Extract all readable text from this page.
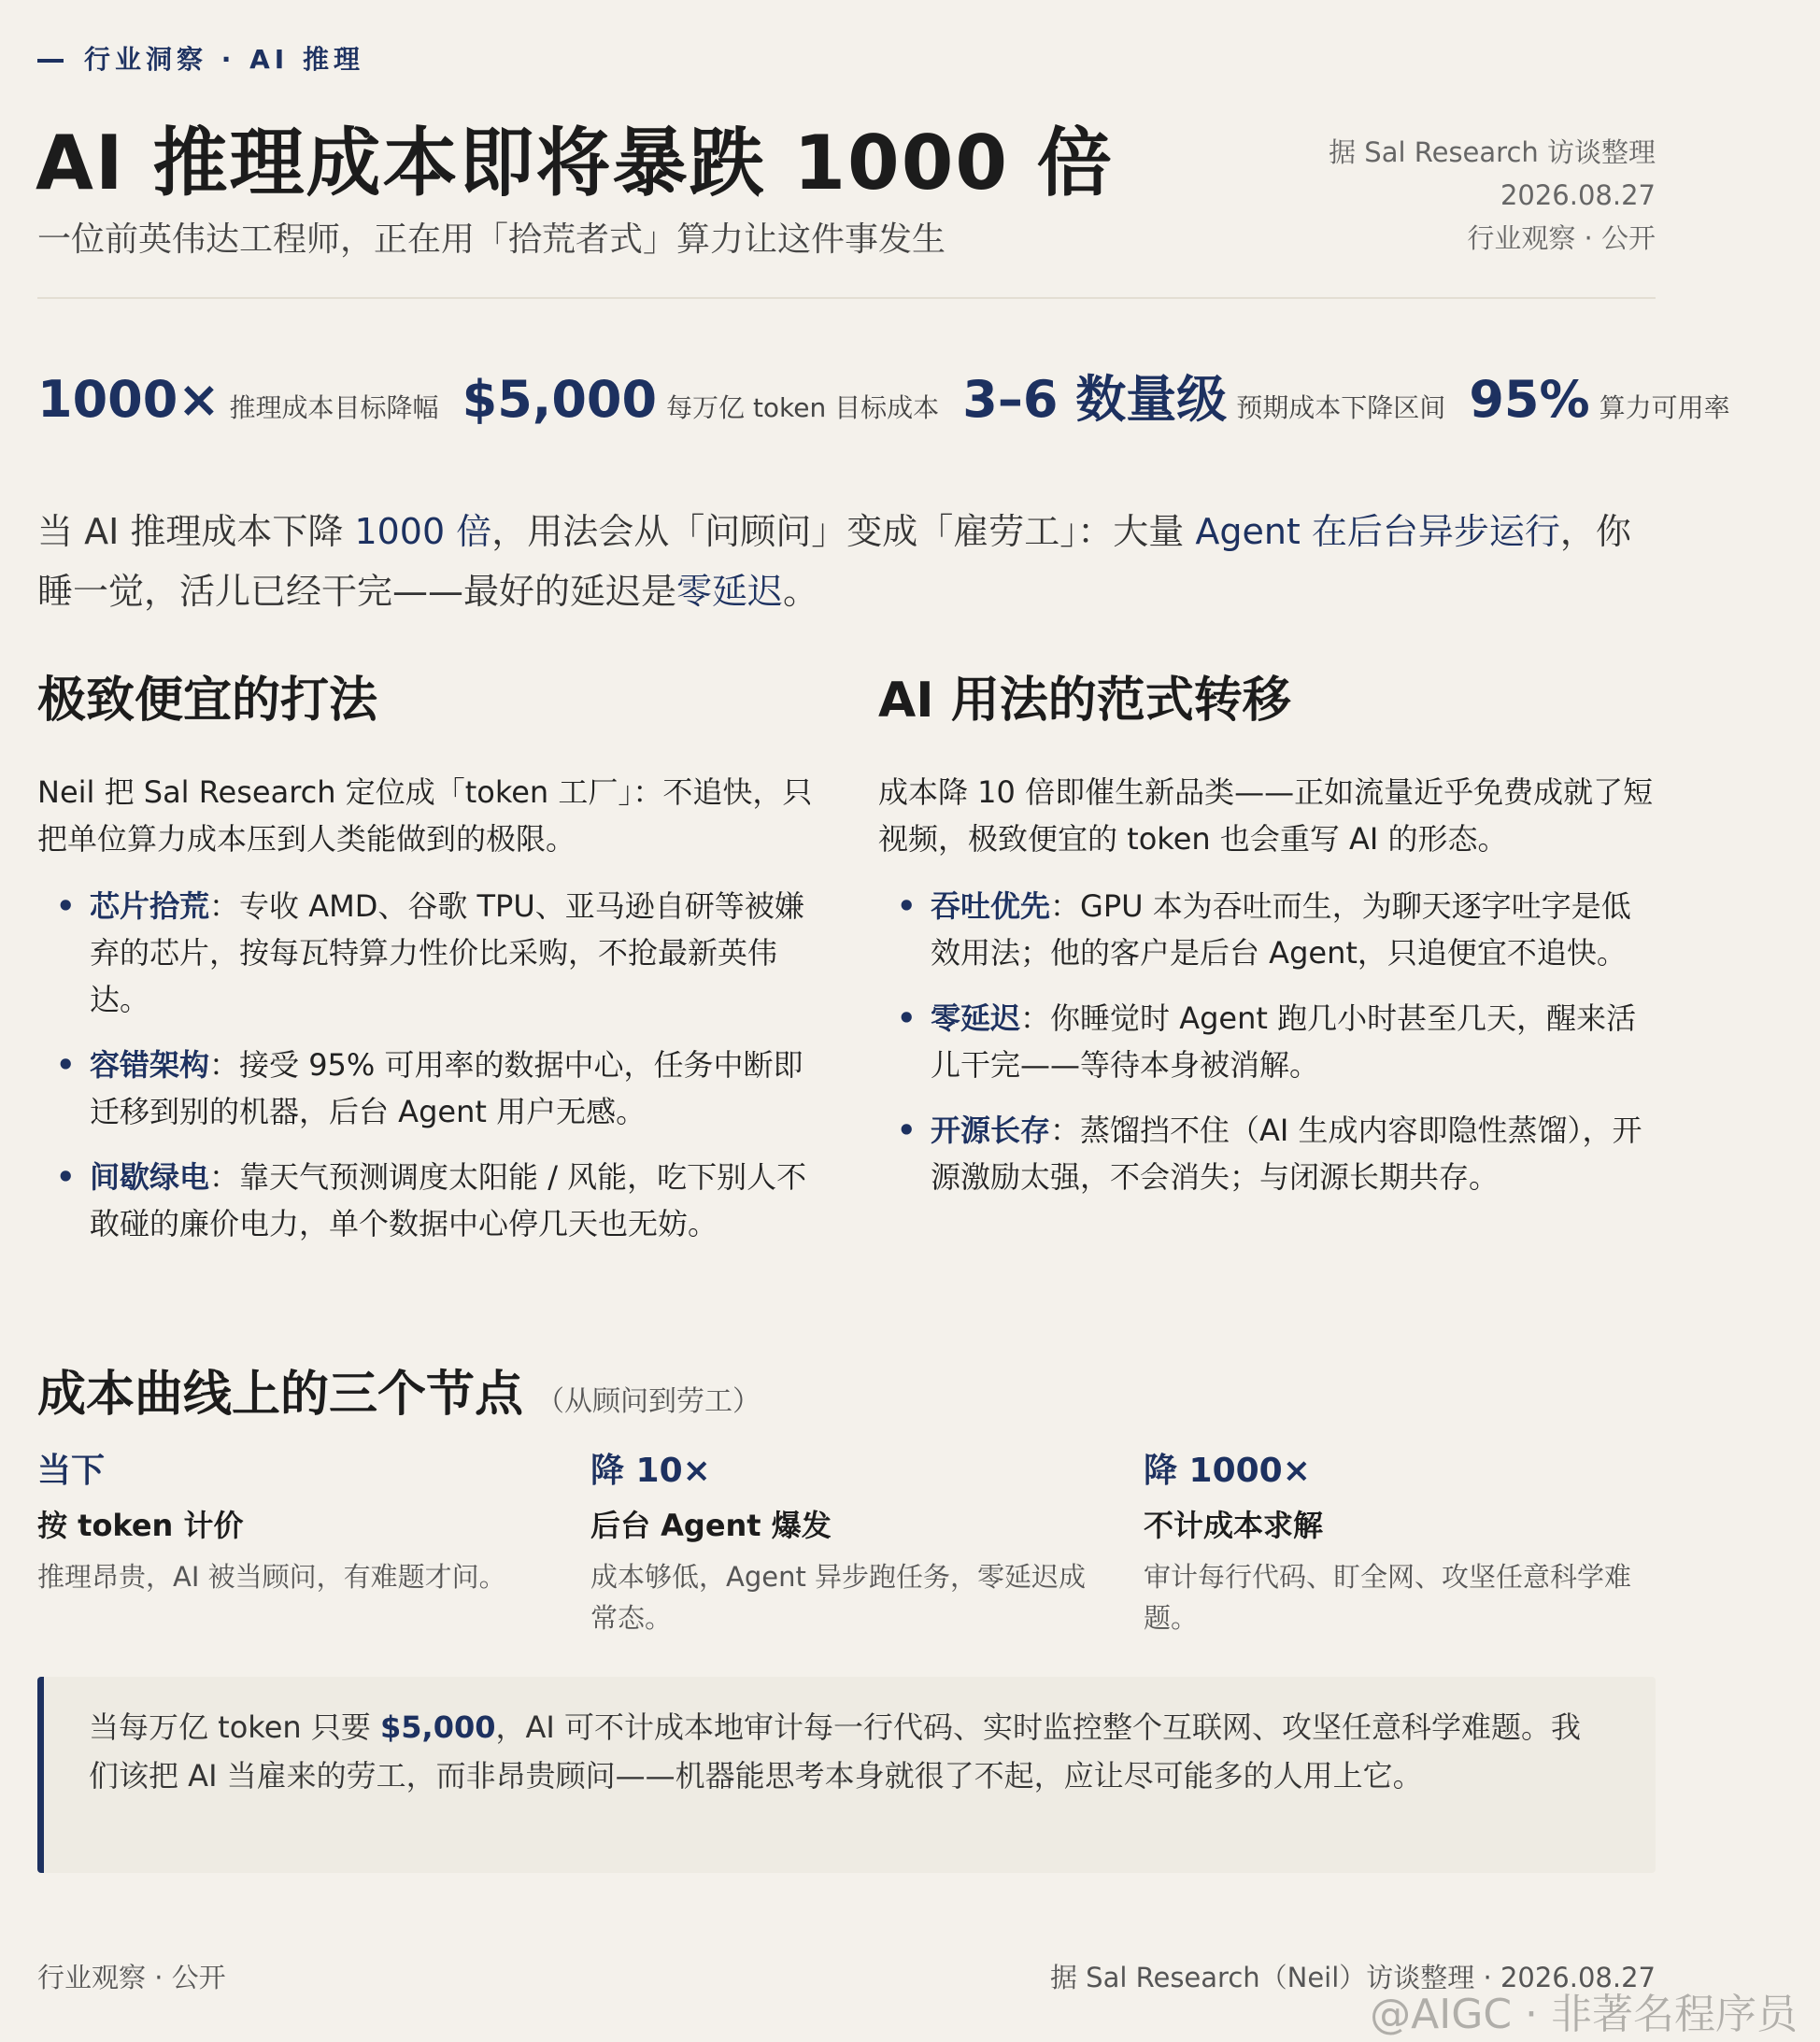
行业洞察 · AI 推理
AI 推理成本即将暴跌 1000 倍
一位前英伟达工程师，正在用「拾荒者式」算力让这件事发生
据 Sal Research 访谈整理
2026.08.27
行业观察 · 公开
1000× 推理成本目标降幅 $5,000 每万亿 token 目标成本 3–6 数量级 预期成本下降区间 95% 算力可用率
当 AI 推理成本下降 1000 倍，用法会从「问顾问」变成「雇劳工」：大量 Agent 在后台异步运行，你睡一觉，活儿已经干完——最好的延迟是零延迟。
极致便宜的打法
Neil 把 Sal Research 定位成「token 工厂」：不追快，只把单位算力成本压到人类能做到的极限。
• 芯片拾荒：专收 AMD、谷歌 TPU、亚马逊自研等被嫌弃的芯片，按每瓦特算力性价比采购，不抢最新英伟达。
• 容错架构：接受 95% 可用率的数据中心，任务中断即迁移到别的机器，后台 Agent 用户无感。
• 间歇绿电：靠天气预测调度太阳能 / 风能，吃下别人不敢碰的廉价电力，单个数据中心停几天也无妨。
AI 用法的范式转移
成本降 10 倍即催生新品类——正如流量近乎免费成就了短视频，极致便宜的 token 也会重写 AI 的形态。
• 吞吐优先：GPU 本为吞吐而生，为聊天逐字吐字是低效用法；他的客户是后台 Agent，只追便宜不追快。
• 零延迟：你睡觉时 Agent 跑几小时甚至几天，醒来活儿干完——等待本身被消解。
• 开源长存：蒸馏挡不住（AI 生成内容即隐性蒸馏），开源激励太强，不会消失；与闭源长期共存。
成本曲线上的三个节点 （从顾问到劳工）
当下
按 token 计价
推理昂贵，AI 被当顾问，有难题才问。
降 10×
后台 Agent 爆发
成本够低，Agent 异步跑任务，零延迟成常态。
降 1000×
不计成本求解
审计每行代码、盯全网、攻坚任意科学难题。
当每万亿 token 只要 $5,000，AI 可不计成本地审计每一行代码、实时监控整个互联网、攻坚任意科学难题。我们该把 AI 当雇来的劳工，而非昂贵顾问——机器能思考本身就很了不起，应让尽可能多的人用上它。
行业观察 · 公开	据 Sal Research（Neil）访谈整理 · 2026.08.27
@AIGC · 非著名程序员
